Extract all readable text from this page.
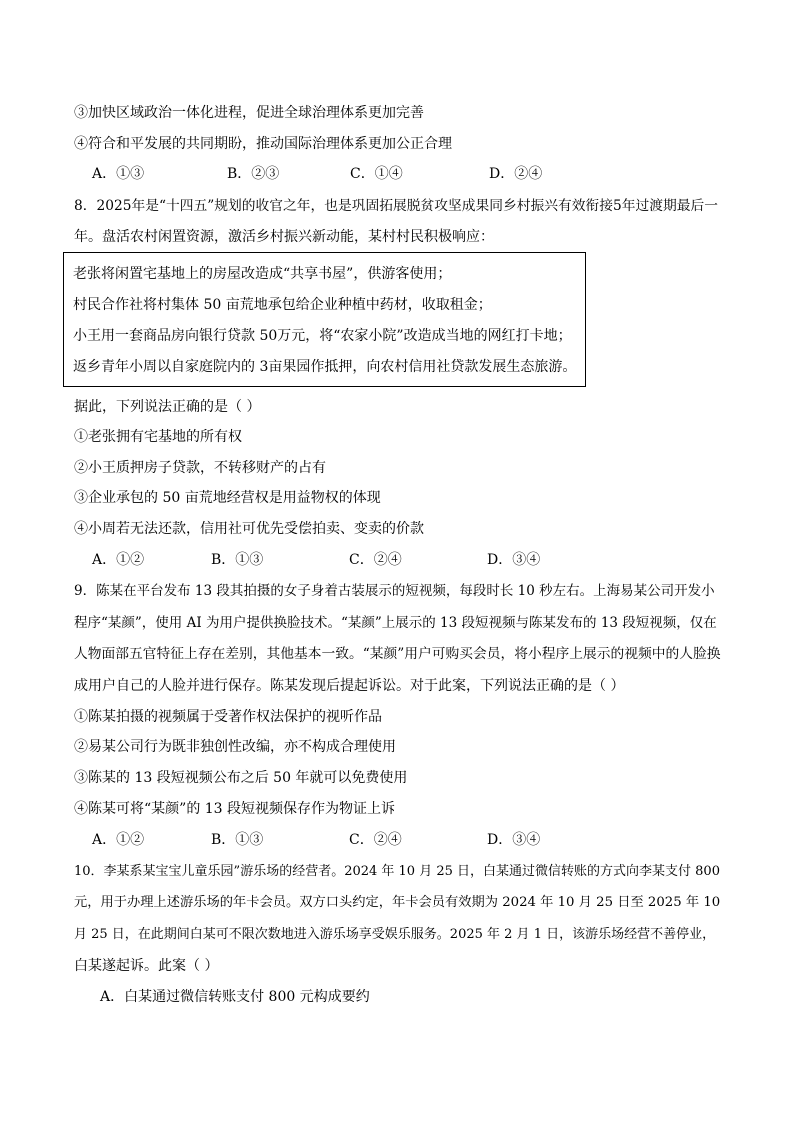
③加快区域政治一体化进程，促进全球治理体系更加完善
④符合和平发展的共同期盼，推动国际治理体系更加公正合理
A．①③	B．②③	C．①④	D．②④
8．2025年是“十四五”规划的收官之年，也是巩固拓展脱贫攻坚成果同乡村振兴有效衔接5年过渡期最后一
年。盘活农村闲置资源，激活乡村振兴新动能，某村村民积极响应：
老张将闲置宅基地上的房屋改造成“共享书屋”，供游客使用；
村民合作社将村集体 50 亩荒地承包给企业种植中药材，收取租金；
小王用一套商品房向银行贷款 50万元，将“农家小院”改造成当地的网红打卡地；
返乡青年小周以自家庭院内的 3亩果园作抵押，向农村信用社贷款发展生态旅游。
据此，下列说法正确的是（ ）
①老张拥有宅基地的所有权
②小王质押房子贷款，不转移财产的占有
③企业承包的 50 亩荒地经营权是用益物权的体现
④小周若无法还款，信用社可优先受偿拍卖、变卖的价款
A．①②	B．①③	C．②④	D．③④
9．陈某在平台发布 13 段其拍摄的女子身着古装展示的短视频，每段时长 10 秒左右。上海易某公司开发小
程序“某颜”，使用 AI 为用户提供换脸技术。“某颜”上展示的 13 段短视频与陈某发布的 13 段短视频，仅在
人物面部五官特征上存在差别，其他基本一致。“某颜”用户可购买会员，将小程序上展示的视频中的人脸换
成用户自己的人脸并进行保存。陈某发现后提起诉讼。对于此案，下列说法正确的是（ ）
①陈某拍摄的视频属于受著作权法保护的视听作品
②易某公司行为既非独创性改编，亦不构成合理使用
③陈某的 13 段短视频公布之后 50 年就可以免费使用
④陈某可将“某颜”的 13 段短视频保存作为物证上诉
A．①②	B．①③	C．②④	D．③④
10．李某系某宝宝儿童乐园”游乐场的经营者。2024 年 10 月 25 日，白某通过微信转账的方式向李某支付 800
元，用于办理上述游乐场的年卡会员。双方口头约定，年卡会员有效期为 2024 年 10 月 25 日至 2025 年 10
月 25 日，在此期间白某可不限次数地进入游乐场享受娱乐服务。2025 年 2 月 1 日，该游乐场经营不善停业，
白某遂起诉。此案（ ）
A．白某通过微信转账支付 800 元构成要约
